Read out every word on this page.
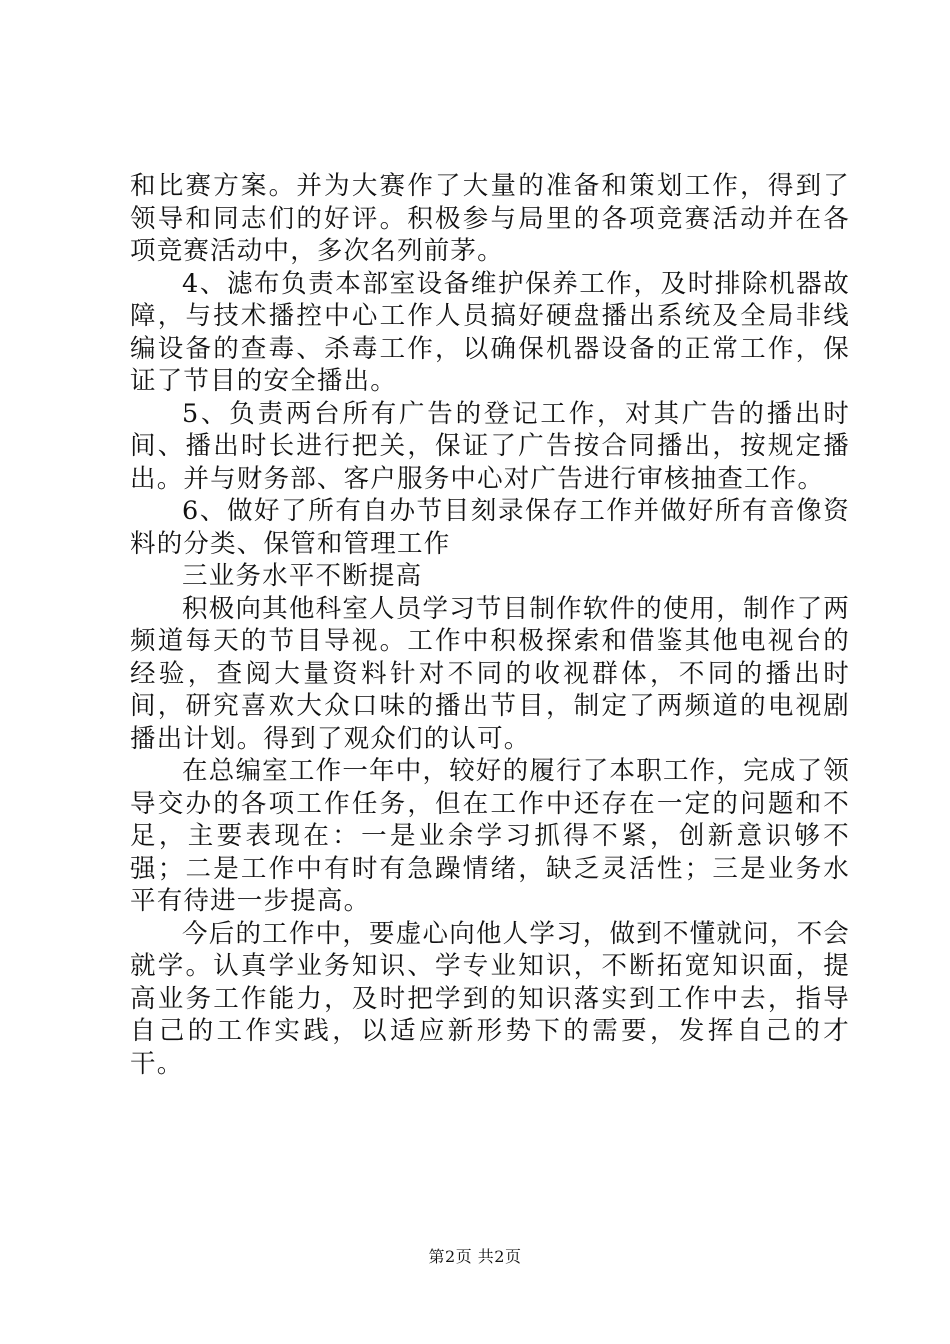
和比赛方案。并为大赛作了大量的准备和策划工作，得到了领导和同志们的好评。积极参与局里的各项竞赛活动并在各项竞赛活动中，多次名列前茅。

4、滤布负责本部室设备维护保养工作，及时排除机器故障，与技术播控中心工作人员搞好硬盘播出系统及全局非线编设备的查毒、杀毒工作，以确保机器设备的正常工作，保证了节目的安全播出。

5、负责两台所有广告的登记工作，对其广告的播出时间、播出时长进行把关，保证了广告按合同播出，按规定播出。并与财务部、客户服务中心对广告进行审核抽查工作。

6、做好了所有自办节目刻录保存工作并做好所有音像资料的分类、保管和管理工作

三业务水平不断提高

积极向其他科室人员学习节目制作软件的使用，制作了两频道每天的节目导视。工作中积极探索和借鉴其他电视台的经验，查阅大量资料针对不同的收视群体，不同的播出时间，研究喜欢大众口味的播出节目，制定了两频道的电视剧播出计划。得到了观众们的认可。

在总编室工作一年中，较好的履行了本职工作，完成了领导交办的各项工作任务，但在工作中还存在一定的问题和不足，主要表现在：一是业余学习抓得不紧，创新意识够不强；二是工作中有时有急躁情绪，缺乏灵活性；三是业务水平有待进一步提高。

今后的工作中，要虚心向他人学习，做到不懂就问，不会就学。认真学业务知识、学专业知识，不断拓宽知识面，提高业务工作能力，及时把学到的知识落实到工作中去，指导自己的工作实践，以适应新形势下的需要，发挥自己的才干。

第2页 共2页
